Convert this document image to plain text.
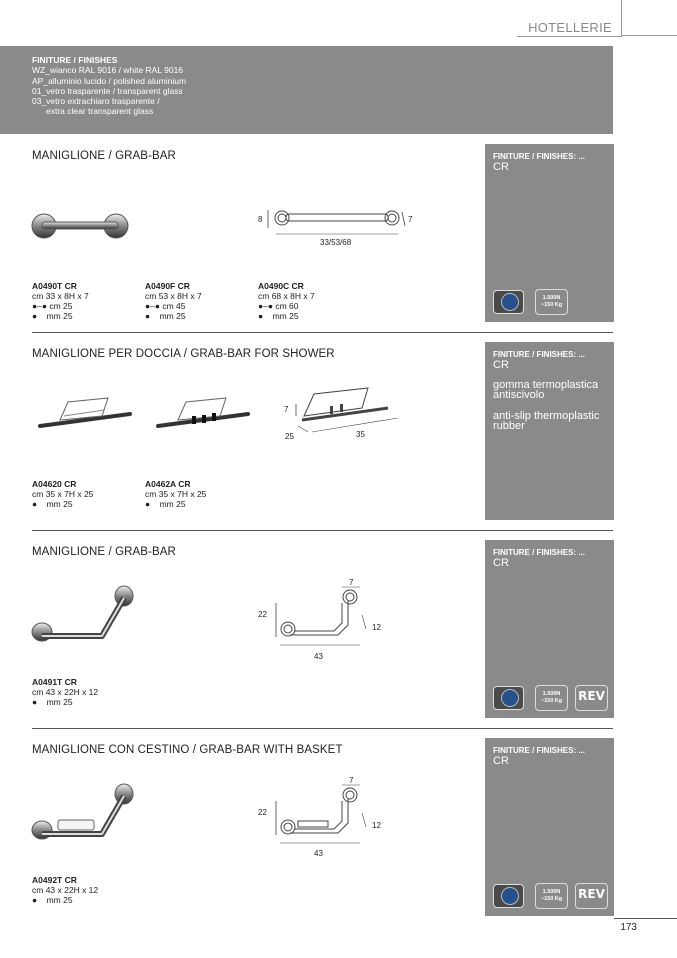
HOTELLERIE
FINITURE / FINISHES
WZ_wianco RAL 9016 / white RAL 9016
AP_alluminio lucido / polished aluminium
01_vetro trasparente / transparent glass
03_vetro extrachiaro trasparente /
extra clear transparent glass
MANIGLIONE / GRAB-BAR
8	7
33/53/68
A0490T CR
cm 33 x 8H x 7
●–● cm 25
●    mm 25
A0490F CR
cm 53 x 8H x 7
●–● cm 45
●    mm 25
A0490C CR
cm 68 x 8H x 7
●–● cm 60
●    mm 25
FINITURE / FINISHES: ...
CR
1.500N
~150 Kg
MANIGLIONE PER DOCCIA / GRAB-BAR FOR SHOWER
7
25	35
A04620 CR
cm 35 x 7H x 25
●    mm 25
A0462A CR
cm 35 x 7H x 25
●    mm 25
FINITURE / FINISHES: ...
CR
gomma termoplastica antiscivolo
anti-slip thermoplastic rubber
MANIGLIONE / GRAB-BAR
7
22
12
43
A0491T CR
cm 43 x 22H x 12
●    mm 25
FINITURE / FINISHES: ...
CR
1.500N
~150 Kg	REV
MANIGLIONE CON CESTINO / GRAB-BAR WITH BASKET
7
22
12
43
A0492T CR
cm 43 x 22H x 12
●    mm 25
FINITURE / FINISHES: ...
CR
1.500N
~150 Kg	REV
173
